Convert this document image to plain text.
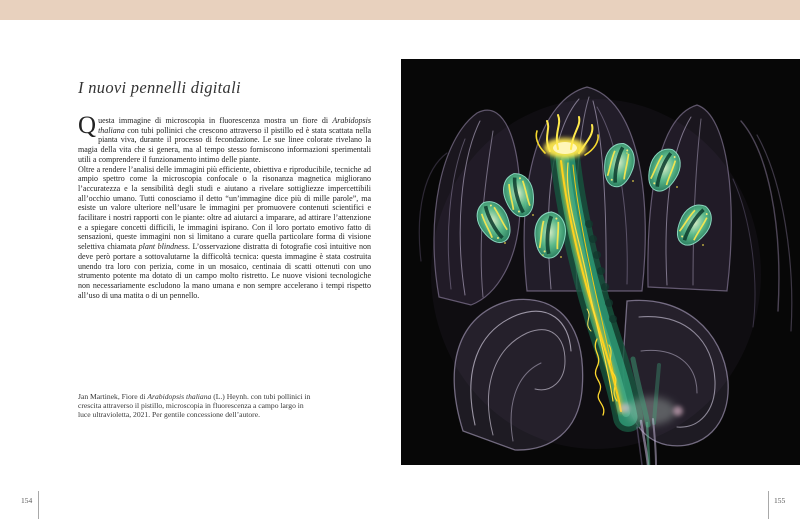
I nuovi pennelli digitali

Questa immagine di microscopia in fluorescenza mostra un fiore di Arabidopsis thaliana con tubi pollinici che crescono attraverso il pistillo ed è stata scattata nella pianta viva, durante il processo di fecondazione. Le sue linee colorate rivelano la magia della vita che si genera, ma al tempo stesso forniscono informazioni sperimentali utili a comprendere il funzionamento intimo delle piante.

Oltre a rendere l’analisi delle immagini più efficiente, obiettiva e riproducibile, tecniche ad ampio spettro come la microscopia confocale o la risonanza magnetica migliorano l’accuratezza e la sensibilità degli studi e aiutano a rivelare sottigliezze impercettibili all’occhio umano. Tutti conosciamo il detto “un’immagine dice più di mille parole”, ma esiste un valore ulteriore nell’usare le immagini per promuovere contenuti scientifici e facilitare i nostri rapporti con le piante: oltre ad aiutarci a imparare, ad attirare l’attenzione e a spiegare concetti difficili, le immagini ispirano. Con il loro portato emotivo fatto di sensazioni, queste immagini non si limitano a curare quella particolare forma di visione selettiva chiamata plant blindness. L’osservazione distratta di fotografie così intuitive non deve però portare a sottovalutarne la difficoltà tecnica: questa immagine è stata costruita unendo tra loro con perizia, come in un mosaico, centinaia di scatti ottenuti con uno strumento potente ma dotato di un campo molto ristretto. Le nuove visioni tecnologiche non necessariamente escludono la mano umana e non sempre accelerano i tempi rispetto all’uso di una matita o di un pennello.

Jan Martinek, Fiore di Arabidopsis thaliana (L.) Heynh. con tubi pollinici in crescita attraverso il pistillo, microscopia in fluorescenza a campo largo in luce ultravioletta, 2021. Per gentile concessione dell’autore.
154	155
